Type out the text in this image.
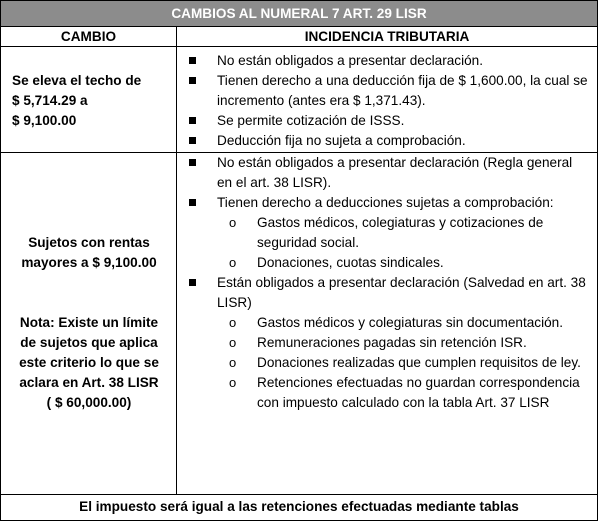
CAMBIOS AL NUMERAL 7 ART. 29 LISR
CAMBIO	INCIDENCIA TRIBUTARIA
Se eleva el techo de
$ 5,714.29 a
$ 9,100.00
No están obligados a presentar declaración.
Tienen derecho a una deducción fija de $ 1,600.00, la cual se incremento (antes era $ 1,371.43).
Se permite cotización de ISSS.
Deducción fija no sujeta a comprobación.
Sujetos con rentas
mayores a $ 9,100.00
Nota: Existe un límite
de sujetos que aplica
este criterio lo que se
aclara en Art. 38 LISR
( $ 60,000.00)
No están obligados a presentar declaración (Regla general en el art. 38 LISR).
Tienen derecho a deducciones sujetas a comprobación:
o Gastos médicos, colegiaturas y cotizaciones de seguridad social.
o Donaciones, cuotas sindicales.
Están obligados a presentar declaración (Salvedad en art. 38 LISR)
o Gastos médicos y colegiaturas sin documentación.
o Remuneraciones pagadas sin retención ISR.
o Donaciones realizadas que cumplen requisitos de ley.
o Retenciones efectuadas no guardan correspondencia con impuesto calculado con la tabla Art. 37 LISR
El impuesto será igual a las retenciones efectuadas mediante tablas
